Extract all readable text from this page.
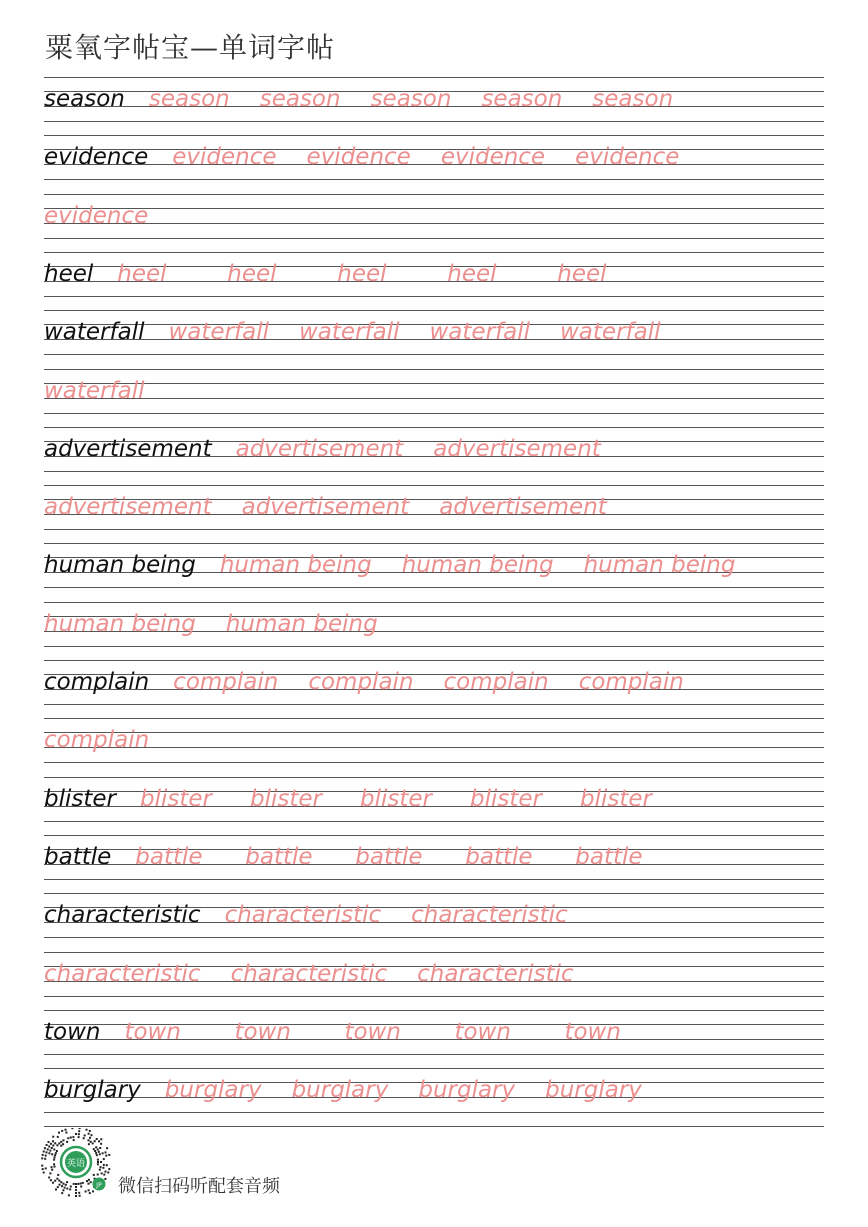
粟氧字帖宝—单词字帖
season season season season season season
evidence evidence evidence evidence evidence
evidence
heel heel	heel	heel	heel	heel
waterfall waterfall waterfall waterfall waterfall
waterfall
advertisement advertisement advertisement
advertisement advertisement advertisement
human being human being human being human being
human being human being
complain complain complain complain complain
complain
blister blister blister blister blister blister
battle battle battle battle battle battle
characteristic characteristic characteristic
characteristic characteristic characteristic
town town town town town town
burglary burglary burglary burglary burglary
英语
JP 微信扫码听配套音频
